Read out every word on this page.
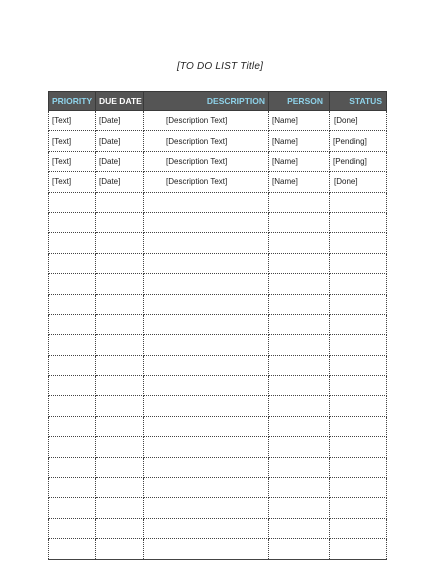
[TO DO LIST Title]
PRIORITY	DUE DATE	DESCRIPTION	PERSON	STATUS
[Text]	[Date]	[Description Text]	[Name]	[Done]
[Text]	[Date]	[Description Text]	[Name]	[Pending]
[Text]	[Date]	[Description Text]	[Name]	[Pending]
[Text]	[Date]	[Description Text]	[Name]	[Done]
